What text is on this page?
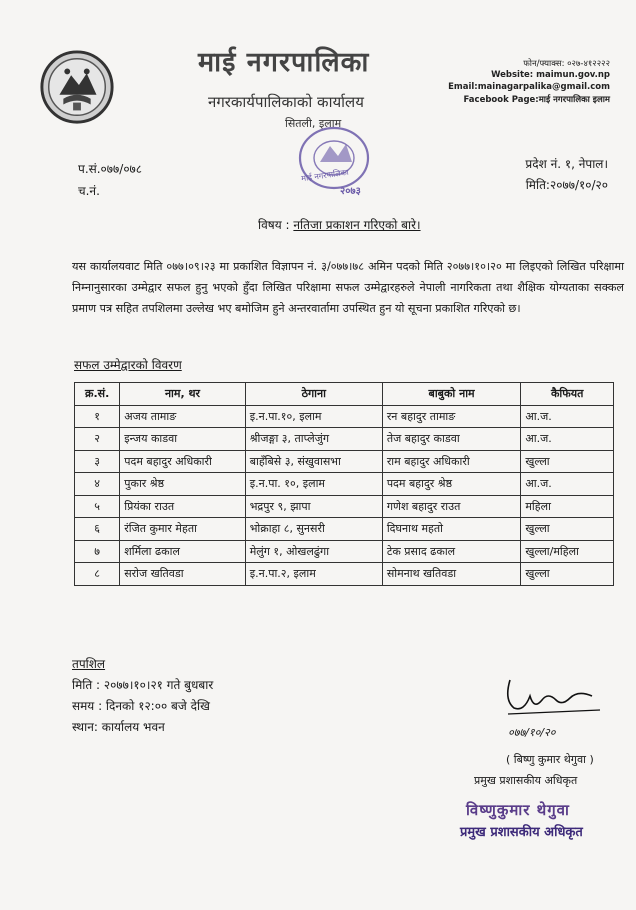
माई नगरपालिका
नगरकार्यपालिकाको कार्यालय
सितली, इलाम
फोन/फ्याक्स: ०२७-४१२२२२
Website: maimun.gov.np
Email:mainagarpalika@gmail.com
Facebook Page:माई नगरपालिका इलाम
माई नगरपालिका
२०७३
प.सं.०७७/०७८
च.नं.
प्रदेश नं. १, नेपाल।
मिति:२०७७/१०/२०
विषय : नतिजा प्रकाशन गरिएको बारे।
यस कार्यालयवाट मिति ०७७।०९।२३ मा प्रकाशित विज्ञापन नं. ३/०७७।७८ अमिन पदको मिति २०७७।१०।२० मा लिइएको लिखित परिक्षामा निम्नानुसारका उम्मेद्वार सफल हुनु भएको हुँदा लिखित परिक्षामा सफल उम्मेद्वारहरुले नेपाली नागरिकता तथा शैक्षिक योग्यताका सक्कल प्रमाण पत्र सहित तपशिलमा उल्लेख भए बमोजिम हुने अन्तरवार्तामा उपस्थित हुन यो सूचना प्रकाशित गरिएको छ।
सफल उम्मेद्वारको विवरण
क्र.सं.	नाम, थर	ठेगाना	बाबुको नाम	कैफियत
१	अजय तामाङ	इ.न.पा.१०, इलाम	रन बहादुर तामाङ	आ.ज.
२	इन्जय काडवा	श्रीजङ्गा ३, ताप्लेजुंग	तेज बहादुर काडवा	आ.ज.
३	पदम बहादुर अधिकारी	बाहँबिसे ३, संखुवासभा	राम बहादुर अधिकारी	खुल्ला
४	पुकार श्रेष्ठ	इ.न.पा. १०, इलाम	पदम बहादुर श्रेष्ठ	आ.ज.
५	प्रियंका राउत	भद्रपुर ९, झापा	गणेश बहादुर राउत	महिला
६	रंजित कुमार मेहता	भोक्राहा ८, सुनसरी	दिघनाथ महतो	खुल्ला
७	शर्मिला ढकाल	मेलुंग १, ओखलढुंगा	टेक प्रसाद ढकाल	खुल्ला/महिला
८	सरोज खतिवडा	इ.न.पा.२, इलाम	सोमनाथ खतिवडा	खुल्ला
तपशिल
मिति : २०७७।१०।२१ गते बुधबार
समय : दिनको १२:०० बजे देखि
स्थान: कार्यालय भवन	०७७/१०/२०
( बिष्णु कुमार थेगुवा )
प्रमुख प्रशासकीय अधिकृत
विष्णुकुमार थेगुवा
प्रमुख प्रशासकीय अधिकृत
